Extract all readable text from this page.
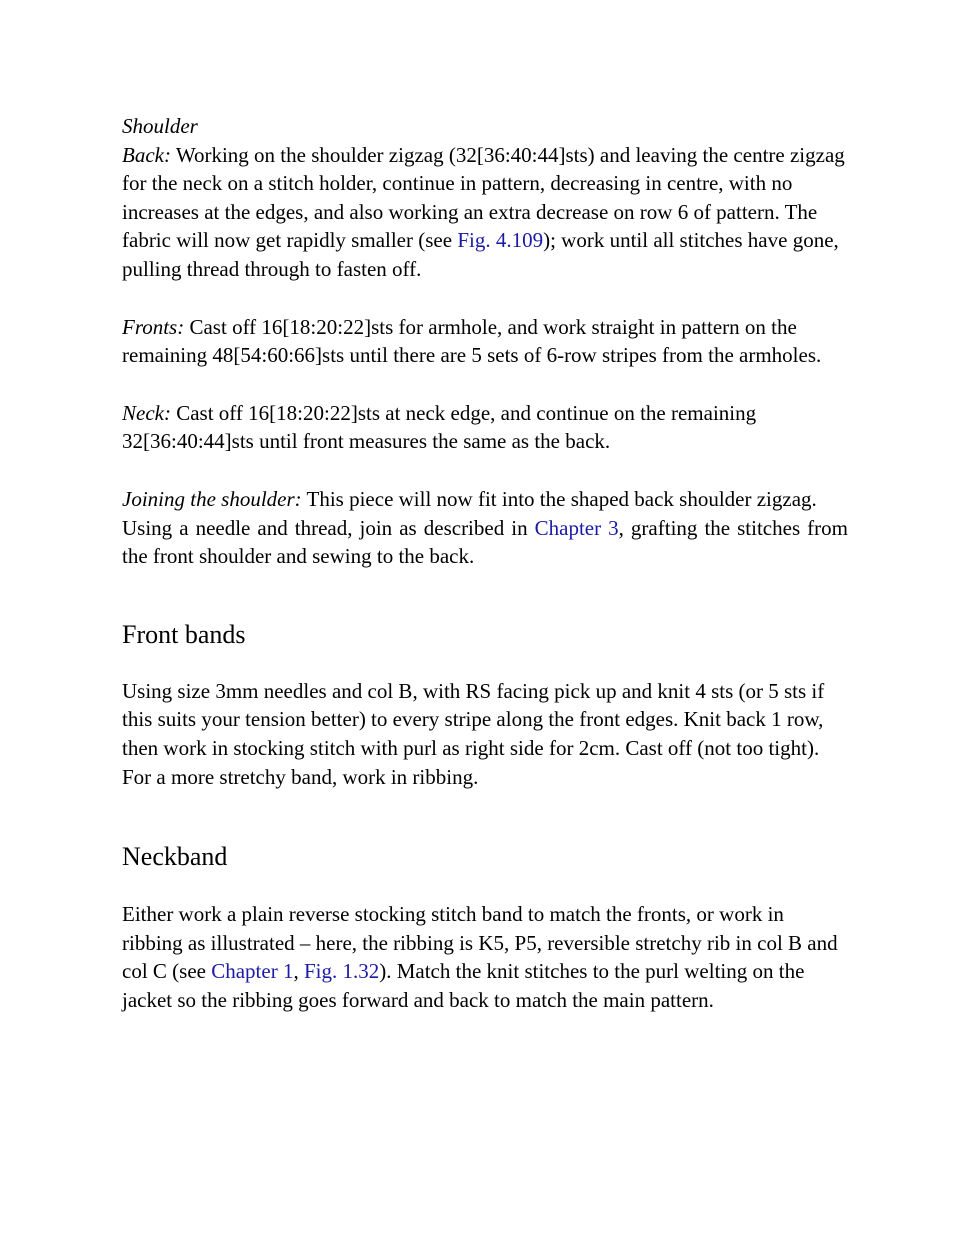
Shoulder

Back: Working on the shoulder zigzag (32[36:40:44]sts) and leaving the centre zigzag for the neck on a stitch holder, continue in pattern, decreasing in centre, with no increases at the edges, and also working an extra decrease on row 6 of pattern. The fabric will now get rapidly smaller (see Fig. 4.109); work until all stitches have gone, pulling thread through to fasten off.

Fronts: Cast off 16[18:20:22]sts for armhole, and work straight in pattern on the remaining 48[54:60:66]sts until there are 5 sets of 6-row stripes from the armholes.

Neck: Cast off 16[18:20:22]sts at neck edge, and continue on the remaining 32[36:40:44]sts until front measures the same as the back.

Joining the shoulder: This piece will now fit into the shaped back shoulder zigzag.

Using a needle and thread, join as described in Chapter 3, grafting the stitches from the front shoulder and sewing to the back.

Front bands

Using size 3mm needles and col B, with RS facing pick up and knit 4 sts (or 5 sts if this suits your tension better) to every stripe along the front edges. Knit back 1 row, then work in stocking stitch with purl as right side for 2cm. Cast off (not too tight).

For a more stretchy band, work in ribbing.

Neckband

Either work a plain reverse stocking stitch band to match the fronts, or work in ribbing as illustrated – here, the ribbing is K5, P5, reversible stretchy rib in col B and col C (see Chapter 1, Fig. 1.32). Match the knit stitches to the purl welting on the jacket so the ribbing goes forward and back to match the main pattern.
